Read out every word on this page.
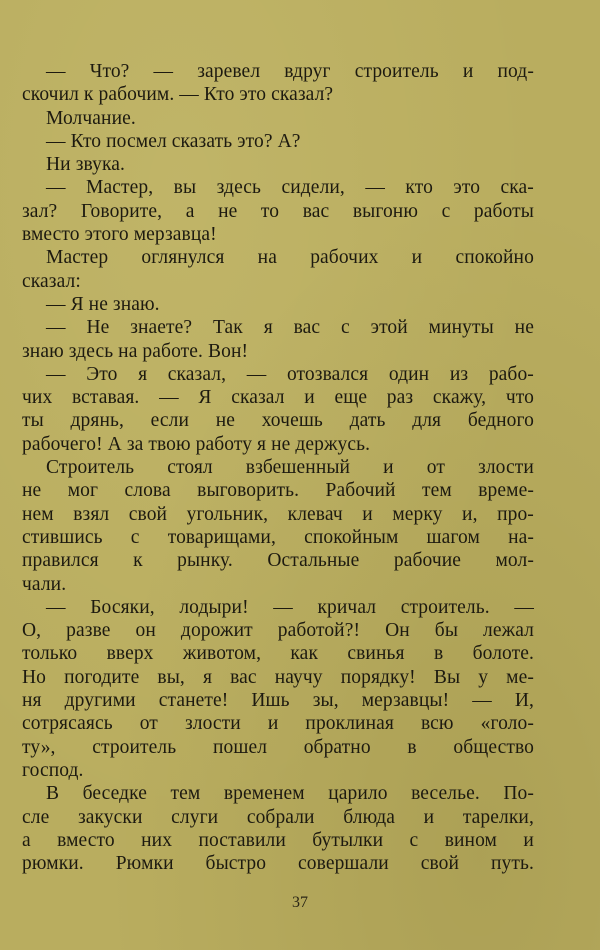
— Что? — заревел вдруг строитель и под-
скочил к рабочим. — Кто это сказал?
Молчание.
— Кто посмел сказать это? А?
Ни звука.
— Мастер, вы здесь сидели, — кто это ска-
зал? Говорите, а не то вас выгоню с работы
вместо этого мерзавца!
Мастер оглянулся на рабочих и спокойно
сказал:
— Я не знаю.
— Не знаете? Так я вас с этой минуты не
знаю здесь на работе. Вон!
— Это я сказал, — отозвался один из рабо-
чих вставая. — Я сказал и еще раз скажу, что
ты дрянь, если не хочешь дать для бедного
рабочего! А за твою работу я не держусь.
Строитель стоял взбешенный и от злости
не мог слова выговорить. Рабочий тем време-
нем взял свой угольник, клевач и мерку и, про-
стившись с товарищами, спокойным шагом на-
правился к рынку. Остальные рабочие мол-
чали.
— Босяки, лодыри! — кричал строитель. —
О, разве он дорожит работой?! Он бы лежал
только вверх животом, как свинья в болоте.
Но погодите вы, я вас научу порядку! Вы у ме-
ня другими станете! Ишь зы, мерзавцы! — И,
сотрясаясь от злости и проклиная всю «голо-
ту», строитель пошел обратно в общество
господ.
В беседке тем временем царило веселье. По-
сле закуски слуги собрали блюда и тарелки,
а вместо них поставили бутылки с вином и
рюмки. Рюмки быстро совершали свой путь.
37
